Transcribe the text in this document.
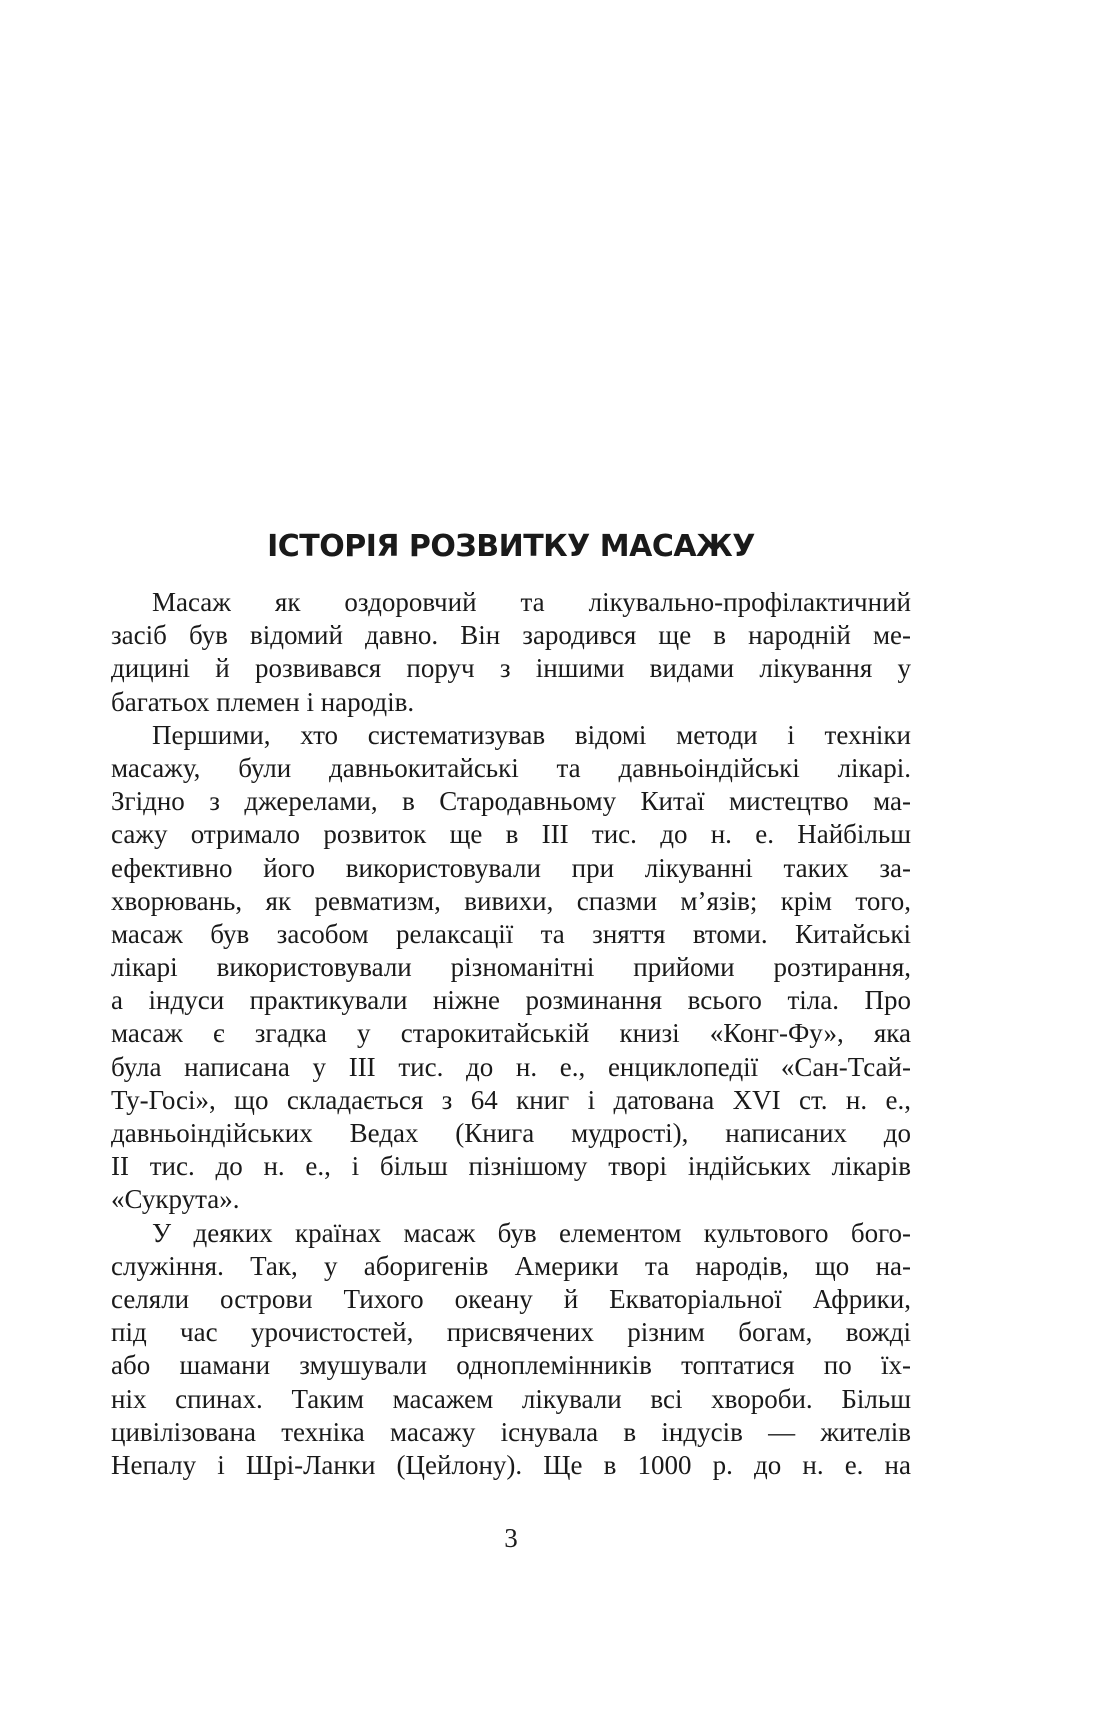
ІСТОРІЯ РОЗВИТКУ МАСАЖУ
Масаж як оздоровчий та лікувально-профілактичний
засіб був відомий давно. Він зародився ще в народній ме-
дицині й розвивався поруч з іншими видами лікування у
багатьох племен і народів.
Першими, хто систематизував відомі методи і техніки
масажу, були давньокитайські та давньоіндійські лікарі.
Згідно з джерелами, в Стародавньому Китаї мистецтво ма-
сажу отримало розвиток ще в III тис. до н. е. Найбільш
ефективно його використовували при лікуванні таких за-
хворювань, як ревматизм, вивихи, спазми м’язів; крім того,
масаж був засобом релаксації та зняття втоми. Китайські
лікарі використовували різноманітні прийоми розтирання,
а індуси практикували ніжне розминання всього тіла. Про
масаж є згадка у старокитайській книзі «Конг-Фу», яка
була написана у III тис. до н. е., енциклопедії «Сан-Тсай-
Ту-Госі», що складається з 64 книг і датована XVI ст. н. е.,
давньоіндійських Ведах (Книга мудрості), написаних до
II тис. до н. е., і більш пізнішому творі індійських лікарів
«Сукрута».
У деяких країнах масаж був елементом культового бого-
служіння. Так, у аборигенів Америки та народів, що на-
селяли острови Тихого океану й Екваторіальної Африки,
під час урочистостей, присвячених різним богам, вожді
або шамани змушували одноплемінників топтатися по їх-
ніх спинах. Таким масажем лікували всі хвороби. Більш
цивілізована техніка масажу існувала в індусів — жителів
Непалу і Шрі-Ланки (Цейлону). Ще в 1000 р. до н. е. на
3
